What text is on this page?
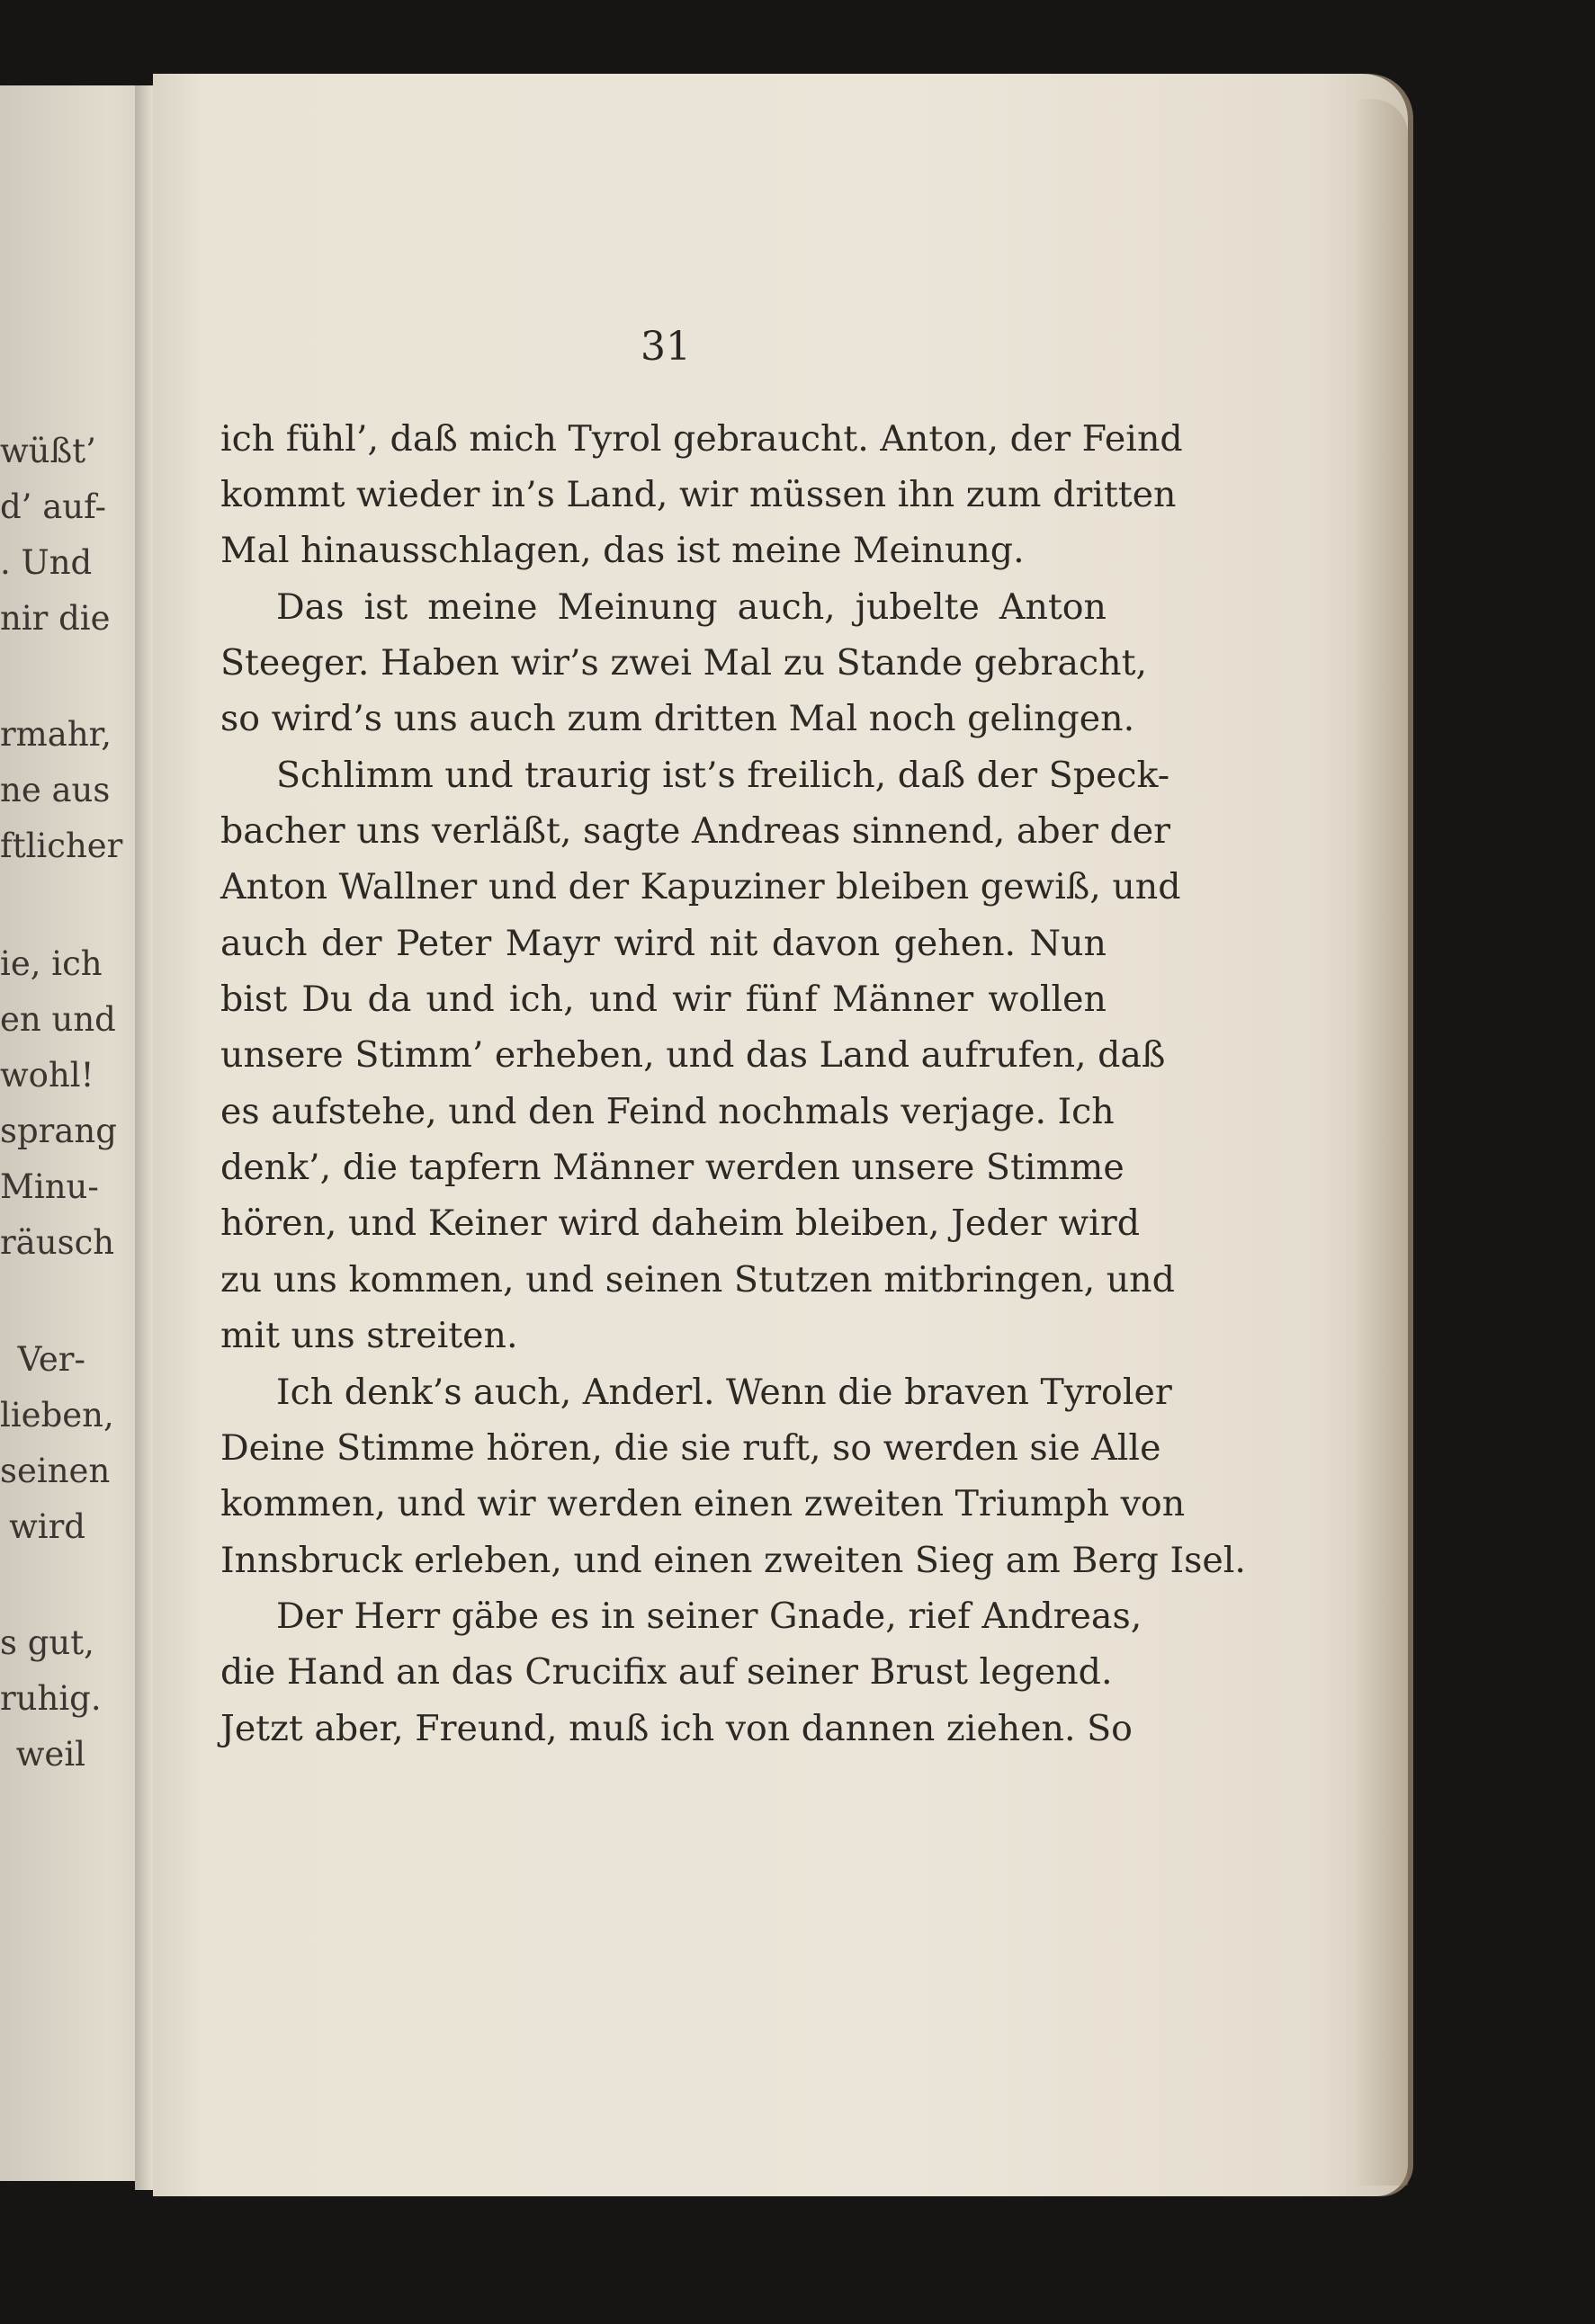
wüßt’
d’ auf-
. Und
nir die
rmahr,
ne aus
ftlicher
ie, ich
en und
wohl!
sprang
Minu-
räusch
Ver-
lieben,
seinen
wird
s gut,
ruhig.
weil
31
ich fühl’, daß mich Tyrol gebraucht. Anton, der Feind
kommt wieder in’s Land, wir müssen ihn zum dritten
Mal hinausschlagen, das ist meine Meinung.
Das ist meine Meinung auch, jubelte Anton
Steeger. Haben wir’s zwei Mal zu Stande gebracht,
so wird’s uns auch zum dritten Mal noch gelingen.
Schlimm und traurig ist’s freilich, daß der Speck-
bacher uns verläßt, sagte Andreas sinnend, aber der
Anton Wallner und der Kapuziner bleiben gewiß, und
auch der Peter Mayr wird nit davon gehen. Nun
bist Du da und ich, und wir fünf Männer wollen
unsere Stimm’ erheben, und das Land aufrufen, daß
es aufstehe, und den Feind nochmals verjage. Ich
denk’, die tapfern Männer werden unsere Stimme
hören, und Keiner wird daheim bleiben, Jeder wird
zu uns kommen, und seinen Stutzen mitbringen, und
mit uns streiten.
Ich denk’s auch, Anderl. Wenn die braven Tyroler
Deine Stimme hören, die sie ruft, so werden sie Alle
kommen, und wir werden einen zweiten Triumph von
Innsbruck erleben, und einen zweiten Sieg am Berg Isel.
Der Herr gäbe es in seiner Gnade, rief Andreas,
die Hand an das Crucifix auf seiner Brust legend.
Jetzt aber, Freund, muß ich von dannen ziehen. So
